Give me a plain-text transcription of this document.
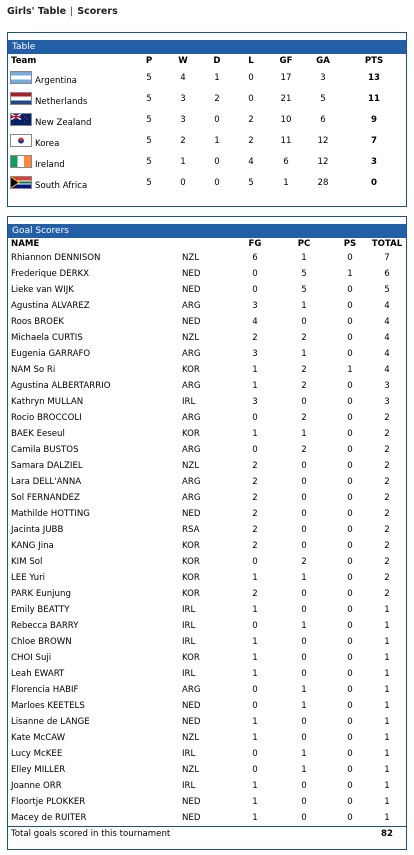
Girls' Table | Scorers
Table
Team	P	W	D	L	GF	GA	PTS
Argentina	5	4	1	0	17	3	13
Netherlands	5	3	2	0	21	5	11
New Zealand	5	3	0	2	10	6	9
Korea	5	2	1	2	11	12	7
Ireland	5	1	0	4	6	12	3
South Africa	5	0	0	5	1	28	0
Goal Scorers
NAME		FG	PC	PS	TOTAL
Rhiannon DENNISON	NZL	6	1	0	7
Frederique DERKX	NED	0	5	1	6
Lieke van WIJK	NED	0	5	0	5
Agustina ALVAREZ	ARG	3	1	0	4
Roos BROEK	NED	4	0	0	4
Michaela CURTIS	NZL	2	2	0	4
Eugenia GARRAFO	ARG	3	1	0	4
NAM So Ri	KOR	1	2	1	4
Agustina ALBERTARRIO	ARG	1	2	0	3
Kathryn MULLAN	IRL	3	0	0	3
Rocio BROCCOLI	ARG	0	2	0	2
BAEK Eeseul	KOR	1	1	0	2
Camila BUSTOS	ARG	0	2	0	2
Samara DALZIEL	NZL	2	0	0	2
Lara DELL'ANNA	ARG	2	0	0	2
Sol FERNANDEZ	ARG	2	0	0	2
Mathilde HOTTING	NED	2	0	0	2
Jacinta JUBB	RSA	2	0	0	2
KANG Jina	KOR	2	0	0	2
KIM Sol	KOR	0	2	0	2
LEE Yuri	KOR	1	1	0	2
PARK Eunjung	KOR	2	0	0	2
Emily BEATTY	IRL	1	0	0	1
Rebecca BARRY	IRL	0	1	0	1
Chloe BROWN	IRL	1	0	0	1
CHOI Suji	KOR	1	0	0	1
Leah EWART	IRL	1	0	0	1
Florencia HABIF	ARG	0	1	0	1
Marloes KEETELS	NED	0	1	0	1
Lisanne de LANGE	NED	1	0	0	1
Kate McCAW	NZL	1	0	0	1
Lucy McKEE	IRL	0	1	0	1
Elley MILLER	NZL	0	1	0	1
Joanne ORR	IRL	1	0	0	1
Floortje PLOKKER	NED	1	0	0	1
Macey de RUITER	NED	1	0	0	1
Total goals scored in this tournament					82
